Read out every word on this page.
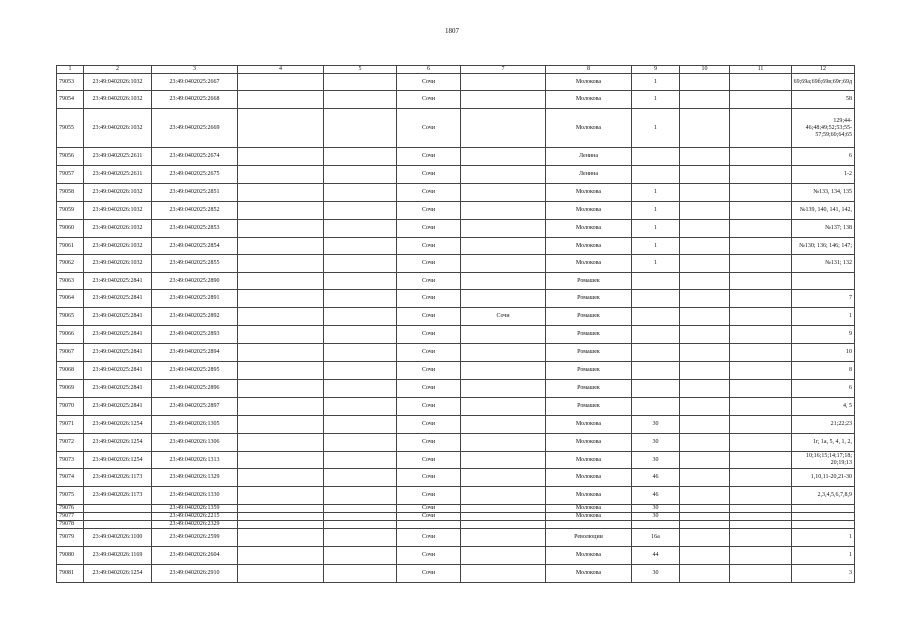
1807
1	2	3	4	5	6	7	8	9	10	11	12
79053	23:49:0402026:1032	23:49:0402025:2667			Сочи		Молокова	1			69;69а;69б;69в;69г;69д
79054	23:49:0402026:1032	23:49:0402025:2668			Сочи		Молокова	1			58
79055	23:49:0402026:1032	23:49:0402025:2669			Сочи		Молокова	1			129;44-46;48;49;52;53;55-57;59;60;64;65
79056	23:49:0402025:2611	23:49:0402025:2674			Сочи		Ленина				6
79057	23:49:0402025:2611	23:49:0402025:2675			Сочи		Ленина				1-2
79058	23:49:0402026:1032	23:49:0402025:2851			Сочи		Молокова	1			№133, 134, 135
79059	23:49:0402026:1032	23:49:0402025:2852			Сочи		Молокова	1			№139, 140, 141, 142,
79060	23:49:0402026:1032	23:49:0402025:2853			Сочи		Молокова	1			№137; 138
79061	23:49:0402026:1032	23:49:0402025:2854			Сочи		Молокова	1			№130; 136; 146; 147;
79062	23:49:0402026:1032	23:49:0402025:2855			Сочи		Молокова	1			№131; 132
79063	23:49:0402025:2841	23:49:0402025:2890			Сочи		Ромашек				
79064	23:49:0402025:2841	23:49:0402025:2891			Сочи		Ромашек				7
79065	23:49:0402025:2841	23:49:0402025:2892			Сочи	Сочи	Ромашек				1
79066	23:49:0402025:2841	23:49:0402025:2893			Сочи		Ромашек				9
79067	23:49:0402025:2841	23:49:0402025:2894			Сочи		Ромашек				10
79068	23:49:0402025:2841	23:49:0402025:2895			Сочи		Ромашек				8
79069	23:49:0402025:2841	23:49:0402025:2896			Сочи		Ромашек				6
79070	23:49:0402025:2841	23:49:0402025:2897			Сочи		Ромашек				4, 5
79071	23:49:0402026:1254	23:49:0402026:1305			Сочи		Молокова	30			21;22;23
79072	23:49:0402026:1254	23:49:0402026:1306			Сочи		Молокова	30			1г, 1а, 5, 4, 1, 2,
79073	23:49:0402026:1254	23:49:0402026:1313			Сочи		Молокова	30			10;16;15;14;17;18; 20;19;13
79074	23:49:0402026:1173	23:49:0402026:1329			Сочи		Молокова	46			1,10,11-20,21-30
79075	23:49:0402026:1173	23:49:0402026:1330			Сочи		Молокова	46			2,3,4,5,6,7,8,9
79076		23:49:0402026:1359			Сочи		Молокова	30			
79077		23:49:0402026:2215			Сочи		Молокова	30			
79078		23:49:0402026:2329									
79079	23:49:0402026:1100	23:49:0402026:2599			Сочи		Революции	16а			1
79080	23:49:0402026:1169	23:49:0402026:2604			Сочи		Молокова	44			1
79081	23:49:0402026:1254	23:49:0402026:2910			Сочи		Молокова	30			3
